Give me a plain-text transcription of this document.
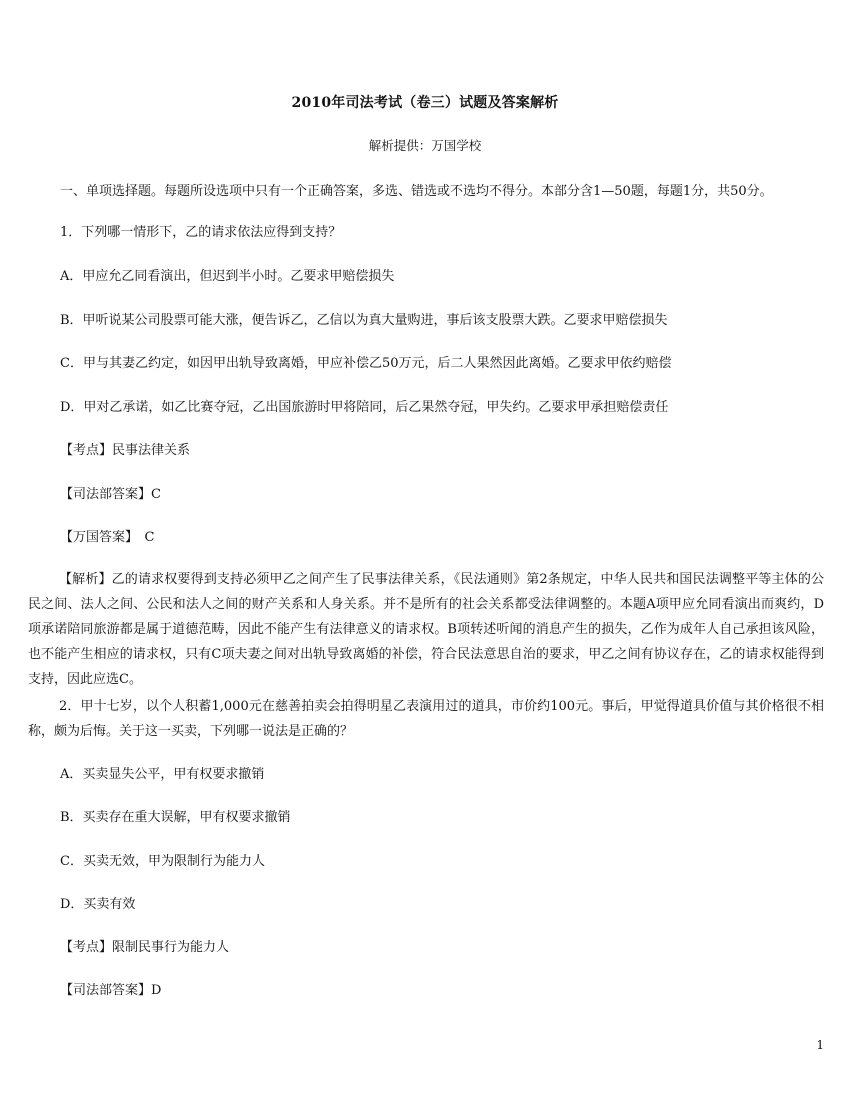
2010年司法考试（卷三）试题及答案解析
解析提供：万国学校
一、单项选择题。每题所设选项中只有一个正确答案，多选、错选或不选均不得分。本部分含1—50题，每题1分，共50分。
1．下列哪一情形下，乙的请求依法应得到支持？
A．甲应允乙同看演出，但迟到半小时。乙要求甲赔偿损失
B．甲听说某公司股票可能大涨，便告诉乙，乙信以为真大量购进，事后该支股票大跌。乙要求甲赔偿损失
C．甲与其妻乙约定，如因甲出轨导致离婚，甲应补偿乙50万元，后二人果然因此离婚。乙要求甲依约赔偿
D．甲对乙承诺，如乙比赛夺冠，乙出国旅游时甲将陪同，后乙果然夺冠，甲失约。乙要求甲承担赔偿责任
【考点】民事法律关系
【司法部答案】C
【万国答案】　C
【解析】乙的请求权要得到支持必须甲乙之间产生了民事法律关系，《民法通则》第2条规定，中华人民共和国民法调整平等主体的公民之间、法人之间、公民和法人之间的财产关系和人身关系。并不是所有的社会关系都受法律调整的。本题A项甲应允同看演出而爽约，D项承诺陪同旅游都是属于道德范畴，因此不能产生有法律意义的请求权。B项转述听闻的消息产生的损失，乙作为成年人自己承担该风险，也不能产生相应的请求权，只有C项夫妻之间对出轨导致离婚的补偿，符合民法意思自治的要求，甲乙之间有协议存在，乙的请求权能得到支持，因此应选C。
2．甲十七岁，以个人积蓄1,000元在慈善拍卖会拍得明星乙表演用过的道具，市价约100元。事后，甲觉得道具价值与其价格很不相称，颇为后悔。关于这一买卖，下列哪一说法是正确的？
A．买卖显失公平，甲有权要求撤销
B．买卖存在重大误解，甲有权要求撤销
C．买卖无效，甲为限制行为能力人
D．买卖有效
【考点】限制民事行为能力人
【司法部答案】D
1
